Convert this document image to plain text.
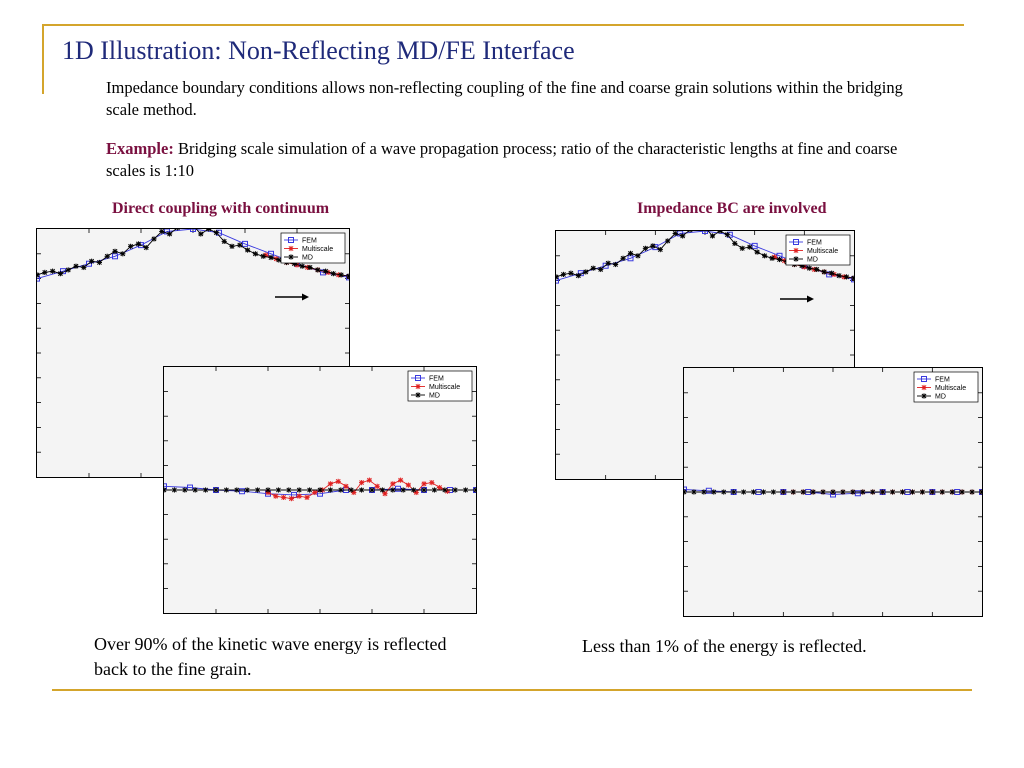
1D Illustration: Non-Reflecting MD/FE Interface
Impedance boundary conditions allows non-reflecting coupling of the fine and coarse grain solutions within the bridging scale method.
Example: Bridging scale simulation of a wave propagation process; ratio of the characteristic lengths at fine and coarse scales is 1:10
Direct coupling with continuum	Impedance BC are involved
FEM
Multiscale
MD
FEM
Multiscale
MD
FEM
Multiscale
MD
FEM
Multiscale
MD
Over 90% of the kinetic wave energy is reflected back to the fine grain.
Less than 1% of the energy is reflected.
